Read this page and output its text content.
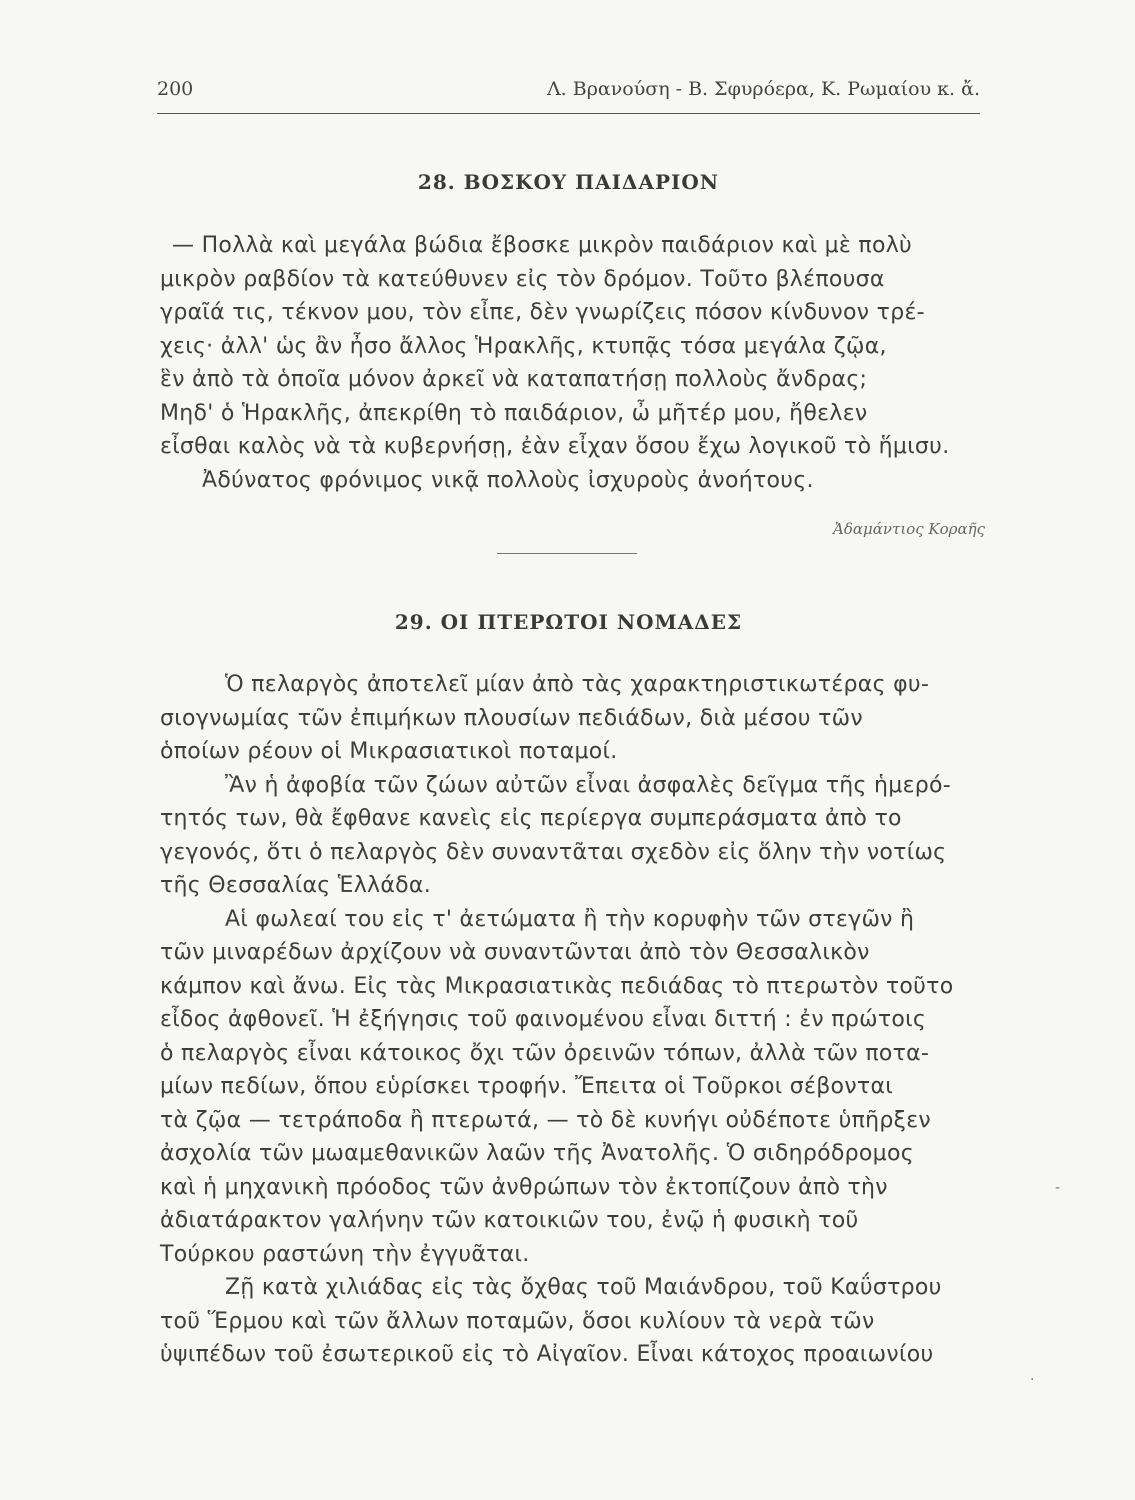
200	Λ. Βρανούση - Β. Σφυρόερα, Κ. Ρωμαίου κ. ἄ.
28. ΒΟΣΚΟΥ ΠΑΙΔΑΡΙΟΝ
— Πολλὰ καὶ μεγάλα βώδια ἔβοσκε μικρὸν παιδάριον καὶ μὲ πολὺ
μικρὸν ραβδίον τὰ κατεύθυνεν εἰς τὸν δρόμον. Τοῦτο βλέπουσα
γραῖά τις, τέκνον μου, τὸν εἶπε, δὲν γνωρίζεις πόσον κίνδυνον τρέ-
χεις· ἀλλ' ὡς ἂν ἦσο ἄλλος Ἡρακλῆς, κτυπᾷς τόσα μεγάλα ζῷα,
ἓν ἀπὸ τὰ ὁποῖα μόνον ἀρκεῖ νὰ καταπατήσῃ πολλοὺς ἄνδρας;
Μηδ' ὁ Ἡρακλῆς, ἀπεκρίθη τὸ παιδάριον, ὦ μῆτέρ μου, ἤθελεν
εἶσθαι καλὸς νὰ τὰ κυβερνήσῃ, ἐὰν εἶχαν ὅσου ἔχω λογικοῦ τὸ ἥμισυ.
Ἀδύνατος φρόνιμος νικᾷ πολλοὺς ἰσχυροὺς ἀνοήτους.
Ἀδαμάντιος Κοραῆς
29. ΟΙ ΠΤΕΡΩΤΟΙ ΝΟΜΑΔΕΣ
Ὁ πελαργὸς ἀποτελεῖ μίαν ἀπὸ τὰς χαρακτηριστικωτέρας φυ-
σιογνωμίας τῶν ἐπιμήκων πλουσίων πεδιάδων, διὰ μέσου τῶν
ὁποίων ρέουν οἱ Μικρασιατικοὶ ποταμοί.
Ἂν ἡ ἀφοβία τῶν ζώων αὐτῶν εἶναι ἀσφαλὲς δεῖγμα τῆς ἡμερό-
τητός των, θὰ ἔφθανε κανεὶς εἰς περίεργα συμπεράσματα ἀπὸ το
γεγονός, ὅτι ὁ πελαργὸς δὲν συναντᾶται σχεδὸν εἰς ὅλην τὴν νοτίως
τῆς Θεσσαλίας Ἑλλάδα.
Αἱ φωλεαί του εἰς τ' ἀετώματα ἢ τὴν κορυφὴν τῶν στεγῶν ἢ
τῶν μιναρέδων ἀρχίζουν νὰ συναντῶνται ἀπὸ τὸν Θεσσαλικὸν
κάμπον καὶ ἄνω. Εἰς τὰς Μικρασιατικὰς πεδιάδας τὸ πτερωτὸν τοῦτο
εἶδος ἀφθονεῖ. Ἡ ἐξήγησις τοῦ φαινομένου εἶναι διττή : ἐν πρώτοις
ὁ πελαργὸς εἶναι κάτοικος ὄχι τῶν ὀρεινῶν τόπων, ἀλλὰ τῶν ποτα-
μίων πεδίων, ὅπου εὑρίσκει τροφήν. Ἔπειτα οἱ Τοῦρκοι σέβονται
τὰ ζῷα — τετράποδα ἢ πτερωτά, — τὸ δὲ κυνήγι οὐδέποτε ὑπῆρξεν
ἀσχολία τῶν μωαμεθανικῶν λαῶν τῆς Ἀνατολῆς. Ὁ σιδηρόδρομος
καὶ ἡ μηχανικὴ πρόοδος τῶν ἀνθρώπων τὸν ἐκτοπίζουν ἀπὸ τὴν
ἀδιατάρακτον γαλήνην τῶν κατοικιῶν του, ἐνῷ ἡ φυσικὴ τοῦ
Τούρκου ραστώνη τὴν ἐγγυᾶται.
Ζῇ κατὰ χιλιάδας εἰς τὰς ὄχθας τοῦ Μαιάνδρου, τοῦ Καΰστρου
τοῦ Ἕρμου καὶ τῶν ἄλλων ποταμῶν, ὅσοι κυλίουν τὰ νερὰ τῶν
ὑψιπέδων τοῦ ἐσωτερικοῦ εἰς τὸ Αἰγαῖον. Εἶναι κάτοχος προαιωνίου
-
·
